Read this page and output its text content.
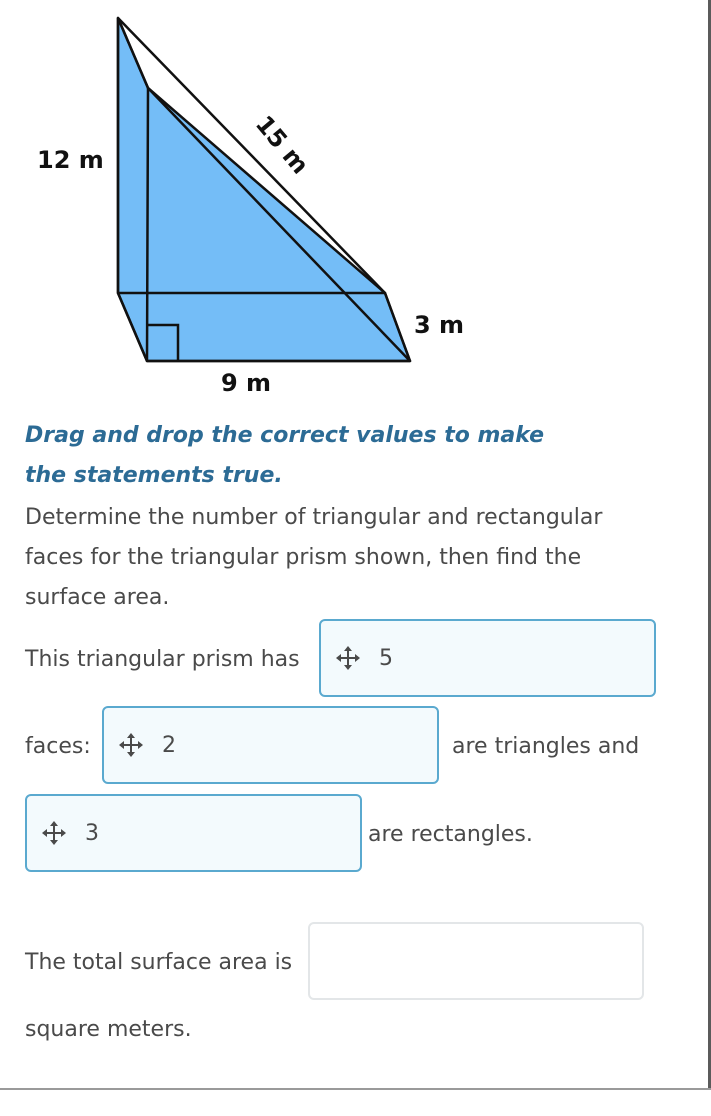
12 m	15 m
3 m
9 m
Drag and drop the correct values to make the statements true.
Determine the number of triangular and rectangular faces for the triangular prism shown, then find the surface area.
This triangular prism has	5
faces:	2	are triangles and
3	are rectangles.
The total surface area is
square meters.
